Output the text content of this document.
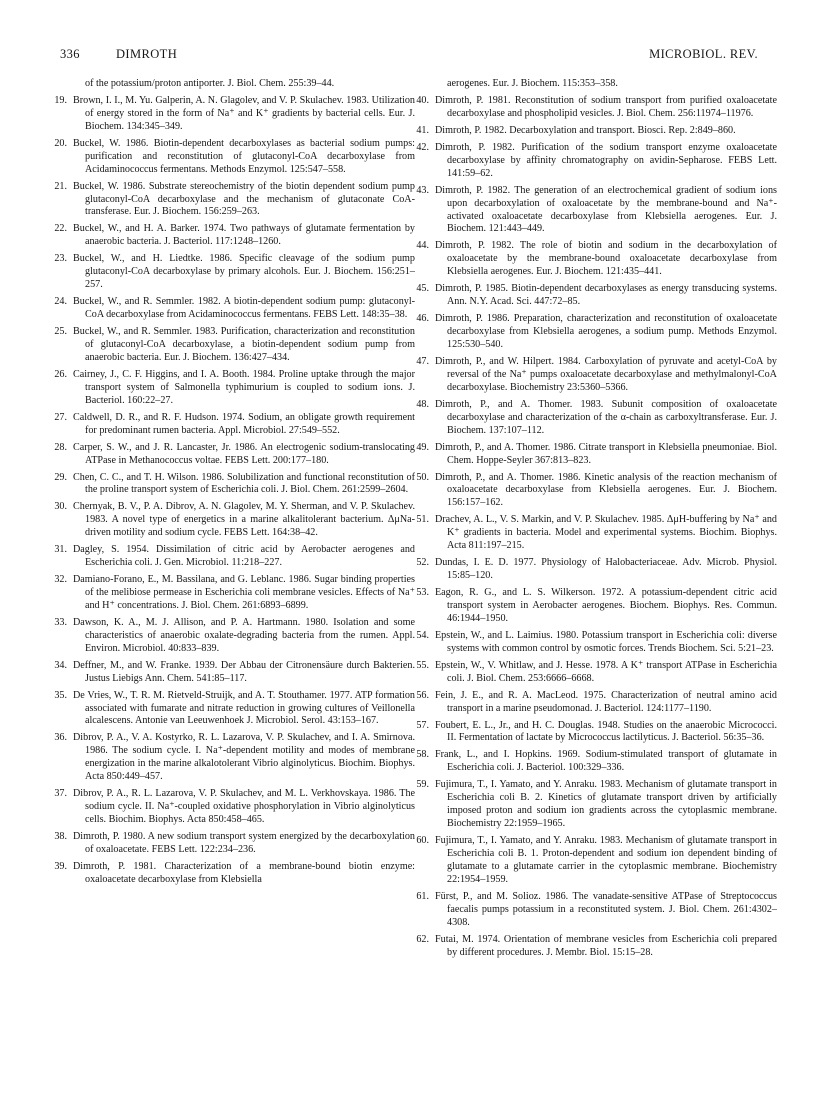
336	DIMROTH	MICROBIOL. REV.
of the potassium/proton antiporter. J. Biol. Chem. 255:39–44.
19. Brown, I. I., M. Yu. Galperin, A. N. Glagolev, and V. P. Skulachev. 1983. Utilization of energy stored in the form of Na⁺ and K⁺ gradients by bacterial cells. Eur. J. Biochem. 134:345–349.
20. Buckel, W. 1986. Biotin-dependent decarboxylases as bacterial sodium pumps: purification and reconstitution of glutaconyl-CoA decarboxylase from Acidaminococcus fermentans. Methods Enzymol. 125:547–558.
21. Buckel, W. 1986. Substrate stereochemistry of the biotin dependent sodium pump glutaconyl-CoA decarboxylase and the mechanism of glutaconate CoA-transferase. Eur. J. Biochem. 156:259–263.
22. Buckel, W., and H. A. Barker. 1974. Two pathways of glutamate fermentation by anaerobic bacteria. J. Bacteriol. 117:1248–1260.
23. Buckel, W., and H. Liedtke. 1986. Specific cleavage of the sodium pump glutaconyl-CoA decarboxylase by primary alcohols. Eur. J. Biochem. 156:251–257.
24. Buckel, W., and R. Semmler. 1982. A biotin-dependent sodium pump: glutaconyl-CoA decarboxylase from Acidaminococcus fermentans. FEBS Lett. 148:35–38.
25. Buckel, W., and R. Semmler. 1983. Purification, characterization and reconstitution of glutaconyl-CoA decarboxylase, a biotin-dependent sodium pump from anaerobic bacteria. Eur. J. Biochem. 136:427–434.
26. Cairney, J., C. F. Higgins, and I. A. Booth. 1984. Proline uptake through the major transport system of Salmonella typhimurium is coupled to sodium ions. J. Bacteriol. 160:22–27.
27. Caldwell, D. R., and R. F. Hudson. 1974. Sodium, an obligate growth requirement for predominant rumen bacteria. Appl. Microbiol. 27:549–552.
28. Carper, S. W., and J. R. Lancaster, Jr. 1986. An electrogenic sodium-translocating ATPase in Methanococcus voltae. FEBS Lett. 200:177–180.
29. Chen, C. C., and T. H. Wilson. 1986. Solubilization and functional reconstitution of the proline transport system of Escherichia coli. J. Biol. Chem. 261:2599–2604.
30. Chernyak, B. V., P. A. Dibrov, A. N. Glagolev, M. Y. Sherman, and V. P. Skulachev. 1983. A novel type of energetics in a marine alkalitolerant bacterium. ΔμNa-driven motility and sodium cycle. FEBS Lett. 164:38–42.
31. Dagley, S. 1954. Dissimilation of citric acid by Aerobacter aerogenes and Escherichia coli. J. Gen. Microbiol. 11:218–227.
32. Damiano-Forano, E., M. Bassilana, and G. Leblanc. 1986. Sugar binding properties of the melibiose permease in Escherichia coli membrane vesicles. Effects of Na⁺ and H⁺ concentrations. J. Biol. Chem. 261:6893–6899.
33. Dawson, K. A., M. J. Allison, and P. A. Hartmann. 1980. Isolation and some characteristics of anaerobic oxalate-degrading bacteria from the rumen. Appl. Environ. Microbiol. 40:833–839.
34. Deffner, M., and W. Franke. 1939. Der Abbau der Citronensäure durch Bakterien. Justus Liebigs Ann. Chem. 541:85–117.
35. De Vries, W., T. R. M. Rietveld-Struijk, and A. T. Stouthamer. 1977. ATP formation associated with fumarate and nitrate reduction in growing cultures of Veillonella alcalescens. Antonie van Leeuwenhoek J. Microbiol. Serol. 43:153–167.
36. Dibrov, P. A., V. A. Kostyrko, R. L. Lazarova, V. P. Skulachev, and I. A. Smirnova. 1986. The sodium cycle. I. Na⁺-dependent motility and modes of membrane energization in the marine alkalotolerant Vibrio alginolyticus. Biochim. Biophys. Acta 850:449–457.
37. Dibrov, P. A., R. L. Lazarova, V. P. Skulachev, and M. L. Verkhovskaya. 1986. The sodium cycle. II. Na⁺-coupled oxidative phosphorylation in Vibrio alginolyticus cells. Biochim. Biophys. Acta 850:458–465.
38. Dimroth, P. 1980. A new sodium transport system energized by the decarboxylation of oxaloacetate. FEBS Lett. 122:234–236.
39. Dimroth, P. 1981. Characterization of a membrane-bound biotin enzyme: oxaloacetate decarboxylase from Klebsiella
aerogenes. Eur. J. Biochem. 115:353–358.
40. Dimroth, P. 1981. Reconstitution of sodium transport from purified oxaloacetate decarboxylase and phospholipid vesicles. J. Biol. Chem. 256:11974–11976.
41. Dimroth, P. 1982. Decarboxylation and transport. Biosci. Rep. 2:849–860.
42. Dimroth, P. 1982. Purification of the sodium transport enzyme oxaloacetate decarboxylase by affinity chromatography on avidin-Sepharose. FEBS Lett. 141:59–62.
43. Dimroth, P. 1982. The generation of an electrochemical gradient of sodium ions upon decarboxylation of oxaloacetate by the membrane-bound and Na⁺-activated oxaloacetate decarboxylase from Klebsiella aerogenes. Eur. J. Biochem. 121:443–449.
44. Dimroth, P. 1982. The role of biotin and sodium in the decarboxylation of oxaloacetate by the membrane-bound oxaloacetate decarboxylase from Klebsiella aerogenes. Eur. J. Biochem. 121:435–441.
45. Dimroth, P. 1985. Biotin-dependent decarboxylases as energy transducing systems. Ann. N.Y. Acad. Sci. 447:72–85.
46. Dimroth, P. 1986. Preparation, characterization and reconstitution of oxaloacetate decarboxylase from Klebsiella aerogenes, a sodium pump. Methods Enzymol. 125:530–540.
47. Dimroth, P., and W. Hilpert. 1984. Carboxylation of pyruvate and acetyl-CoA by reversal of the Na⁺ pumps oxaloacetate decarboxylase and methylmalonyl-CoA decarboxylase. Biochemistry 23:5360–5366.
48. Dimroth, P., and A. Thomer. 1983. Subunit composition of oxaloacetate decarboxylase and characterization of the α-chain as carboxyltransferase. Eur. J. Biochem. 137:107–112.
49. Dimroth, P., and A. Thomer. 1986. Citrate transport in Klebsiella pneumoniae. Biol. Chem. Hoppe-Seyler 367:813–823.
50. Dimroth, P., and A. Thomer. 1986. Kinetic analysis of the reaction mechanism of oxaloacetate decarboxylase from Klebsiella aerogenes. Eur. J. Biochem. 156:157–162.
51. Drachev, A. L., V. S. Markin, and V. P. Skulachev. 1985. ΔμH-buffering by Na⁺ and K⁺ gradients in bacteria. Model and experimental systems. Biochim. Biophys. Acta 811:197–215.
52. Dundas, I. E. D. 1977. Physiology of Halobacteriaceae. Adv. Microb. Physiol. 15:85–120.
53. Eagon, R. G., and L. S. Wilkerson. 1972. A potassium-dependent citric acid transport system in Aerobacter aerogenes. Biochem. Biophys. Res. Commun. 46:1944–1950.
54. Epstein, W., and L. Laimius. 1980. Potassium transport in Escherichia coli: diverse systems with common control by osmotic forces. Trends Biochem. Sci. 5:21–23.
55. Epstein, W., V. Whitlaw, and J. Hesse. 1978. A K⁺ transport ATPase in Escherichia coli. J. Biol. Chem. 253:6666–6668.
56. Fein, J. E., and R. A. MacLeod. 1975. Characterization of neutral amino acid transport in a marine pseudomonad. J. Bacteriol. 124:1177–1190.
57. Foubert, E. L., Jr., and H. C. Douglas. 1948. Studies on the anaerobic Micrococci. II. Fermentation of lactate by Micrococcus lactilyticus. J. Bacteriol. 56:35–36.
58. Frank, L., and I. Hopkins. 1969. Sodium-stimulated transport of glutamate in Escherichia coli. J. Bacteriol. 100:329–336.
59. Fujimura, T., I. Yamato, and Y. Anraku. 1983. Mechanism of glutamate transport in Escherichia coli B. 2. Kinetics of glutamate transport driven by artificially imposed proton and sodium ion gradients across the cytoplasmic membrane. Biochemistry 22:1959–1965.
60. Fujimura, T., I. Yamato, and Y. Anraku. 1983. Mechanism of glutamate transport in Escherichia coli B. 1. Proton-dependent and sodium ion dependent binding of glutamate to a glutamate carrier in the cytoplasmic membrane. Biochemistry 22:1954–1959.
61. Fürst, P., and M. Solioz. 1986. The vanadate-sensitive ATPase of Streptococcus faecalis pumps potassium in a reconstituted system. J. Biol. Chem. 261:4302–4308.
62. Futai, M. 1974. Orientation of membrane vesicles from Escherichia coli prepared by different procedures. J. Membr. Biol. 15:15–28.
